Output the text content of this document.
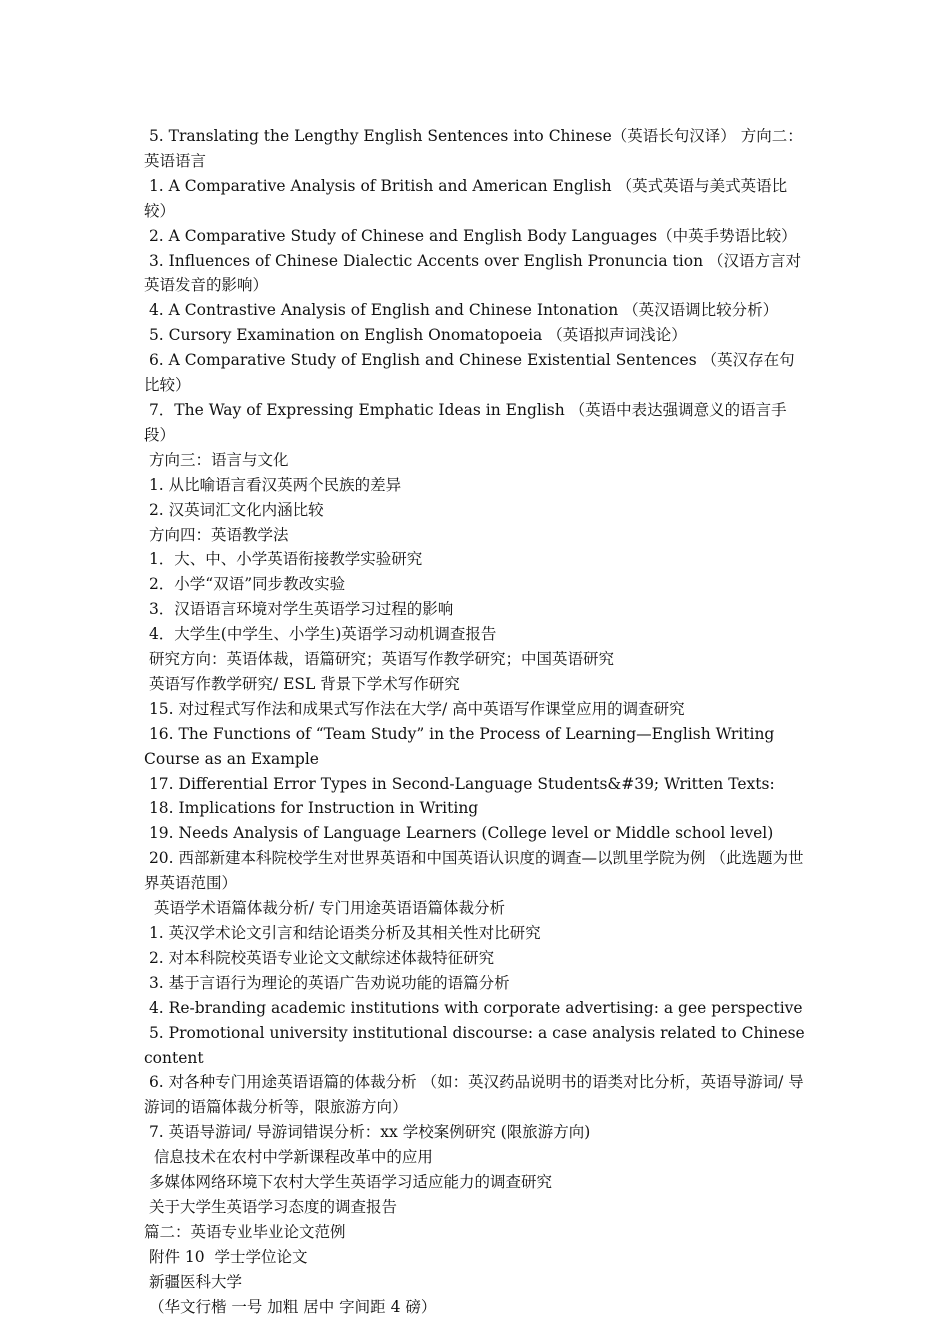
5. Translating the Lengthy English Sentences into Chinese（英语长句汉译） 方向二：英语语言

1. A Comparative Analysis of British and American English （英式英语与美式英语比较）

2. A Comparative Study of Chinese and English Body Languages（中英手势语比较）

3. Influences of Chinese Dialectic Accents over English Pronuncia tion （汉语方言对英语发音的影响）

4. A Contrastive Analysis of English and Chinese Intonation （英汉语调比较分析）

5. Cursory Examination on English Onomatopoeia （英语拟声词浅论）

6. A Comparative Study of English and Chinese Existential Sentences （英汉存在句比较）

7．The Way of Expressing Emphatic Ideas in English （英语中表达强调意义的语言手段）

方向三：语言与文化

1. 从比喻语言看汉英两个民族的差异

2. 汉英词汇文化内涵比较

方向四：英语教学法

1．大、中、小学英语衔接教学实验研究

2．小学“双语”同步教改实验

3．汉语语言环境对学生英语学习过程的影响

4．大学生(中学生、小学生)英语学习动机调查报告

研究方向：英语体裁，语篇研究；英语写作教学研究；中国英语研究

英语写作教学研究/ ESL 背景下学术写作研究

15. 对过程式写作法和成果式写作法在大学/ 高中英语写作课堂应用的调查研究

16. The Functions of “Team Study” in the Process of Learning—English Writing Course as an Example

17. Differential Error Types in Second-Language Students&#39; Written Texts:

18. Implications for Instruction in Writing

19. Needs Analysis of Language Learners (College level or Middle school level)

20. 西部新建本科院校学生对世界英语和中国英语认识度的调查—以凯里学院为例 （此选题为世界英语范围）

英语学术语篇体裁分析/ 专门用途英语语篇体裁分析

1. 英汉学术论文引言和结论语类分析及其相关性对比研究

2. 对本科院校英语专业论文文献综述体裁特征研究

3. 基于言语行为理论的英语广告劝说功能的语篇分析

4. Re-branding academic institutions with corporate advertising: a gee perspective

5. Promotional university institutional discourse: a case analysis related to Chinese content

6. 对各种专门用途英语语篇的体裁分析 （如：英汉药品说明书的语类对比分析，英语导游词/ 导游词的语篇体裁分析等，限旅游方向）

7. 英语导游词/ 导游词错误分析：xx 学校案例研究 (限旅游方向)

信息技术在农村中学新课程改革中的应用

多媒体网络环境下农村大学生英语学习适应能力的调查研究

关于大学生英语学习态度的调查报告

篇二：英语专业毕业论文范例

附件 10  学士学位论文

新疆医科大学

（华文行楷 一号 加粗 居中 字间距 4 磅）
